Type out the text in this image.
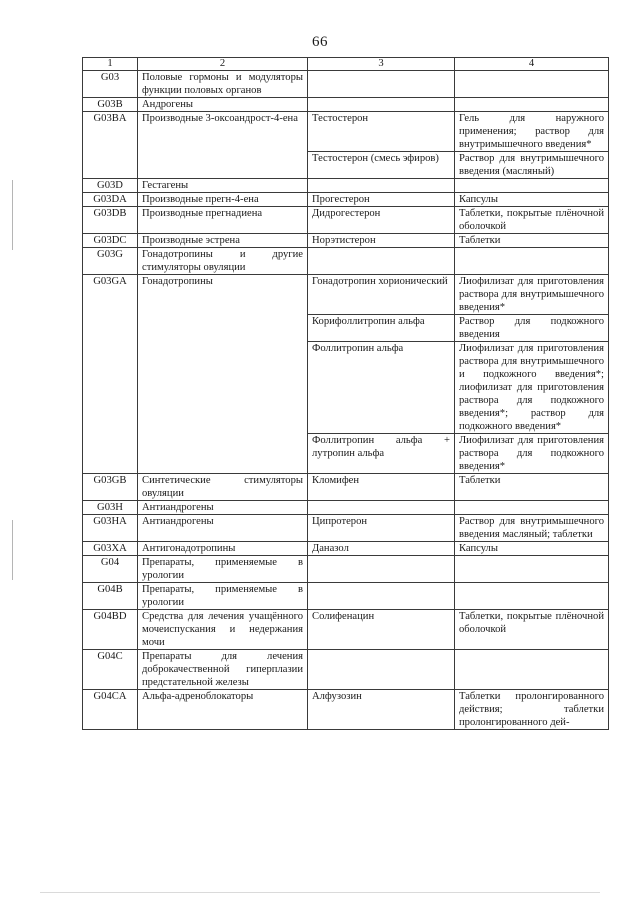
66
1	2	3	4
G03	Половые гормоны и модуляторы функции половых органов		
G03B	Андрогены		
G03BA	Производные 3-оксоандрост-4-ена	Тестостерон	Гель для наружного применения; раствор для внутримышечного введения*
		Тестостерон (смесь эфиров)	Раствор для внутримышечного введения (масляный)
G03D	Гестагены		
G03DA	Производные прегн-4-ена	Прогестерон	Капсулы
G03DB	Производные прегнадиена	Дидрогестерон	Таблетки, покрытые плёночной оболочкой
G03DC	Производные эстрена	Норэтистерон	Таблетки
G03G	Гонадотропины и другие стимуляторы овуляции		
G03GA	Гонадотропины	Гонадотропин хорионический	Лиофилизат для приготовления раствора для внутримышечного введения*
		Корифоллитропин альфа	Раствор для подкожного введения
		Фоллитропин альфа	Лиофилизат для приготовления раствора для внутримышечного и подкожного введения*; лиофилизат для приготовления раствора для подкожного введения*; раствор для подкожного введения*
		Фоллитропин альфа + лутропин альфа	Лиофилизат для приготовления раствора для подкожного введения*
G03GB	Синтетические стимуляторы овуляции	Кломифен	Таблетки
G03H	Антиандрогены		
G03HA	Антиандрогены	Ципротерон	Раствор для внутримышечного введения масляный; таблетки
G03XA	Антигонадотропины	Даназол	Капсулы
G04	Препараты, применяемые в урологии		
G04B	Препараты, применяемые в урологии		
G04BD	Средства для лечения учащённого мочеиспускания и недержания мочи	Солифенацин	Таблетки, покрытые плёночной оболочкой
G04C	Препараты для лечения доброкачественной гиперплазии предстательной железы		
G04CA	Альфа-адреноблокаторы	Алфузозин	Таблетки пролонгированного действия; таблетки пролонгированного дей-
